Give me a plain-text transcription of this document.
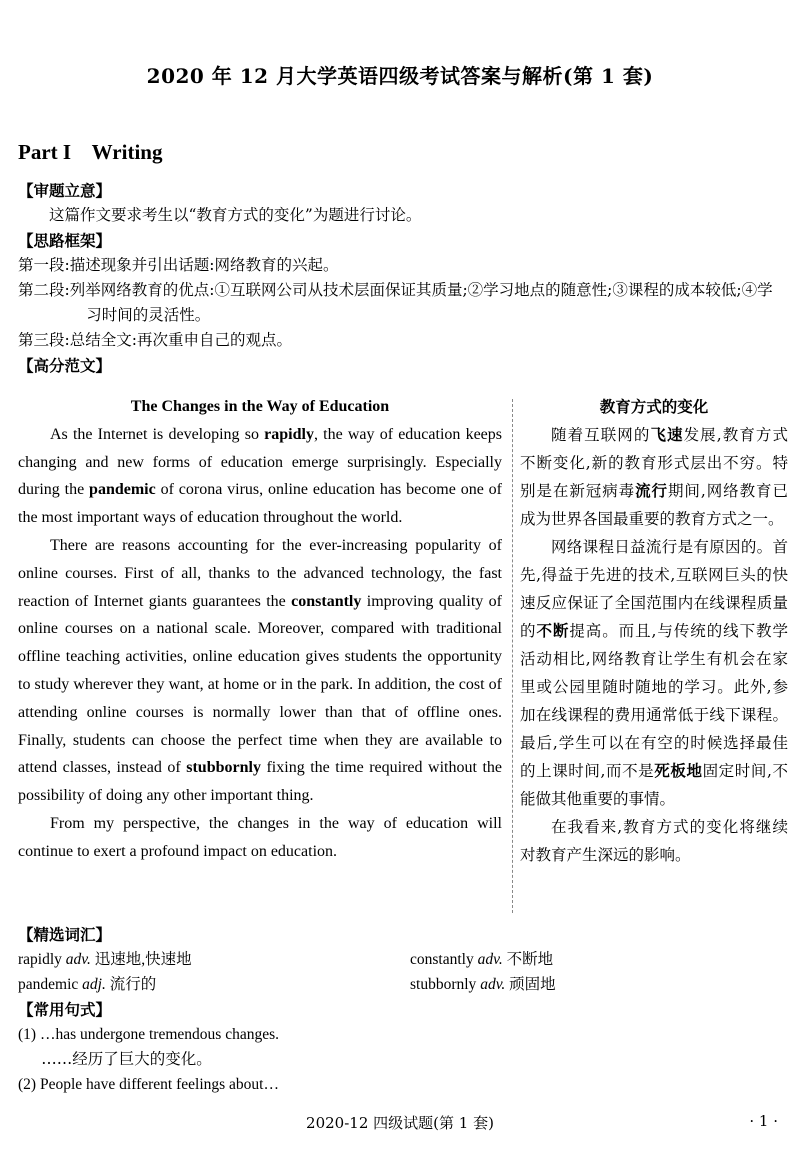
2020 年 12 月大学英语四级考试答案与解析(第 1 套)
Part I    Writing
【审题立意】
这篇作文要求考生以“教育方式的变化”为题进行讨论。
【思路框架】
第一段:描述现象并引出话题:网络教育的兴起。
第二段:列举网络教育的优点:①互联网公司从技术层面保证其质量;②学习地点的随意性;③课程的成本较低;④学习时间的灵活性。
第三段:总结全文:再次重申自己的观点。
【高分范文】
The Changes in the Way of Education

As the Internet is developing so rapidly, the way of education keeps changing and new forms of education emerge surprisingly. Especially during the pandemic of corona virus, online education has become one of the most important ways of education throughout the world.

There are reasons accounting for the ever-increasing popularity of online courses. First of all, thanks to the advanced technology, the fast reaction of Internet giants guarantees the constantly improving quality of online courses on a national scale. Moreover, compared with traditional offline teaching activities, online education gives students the opportunity to study wherever they want, at home or in the park. In addition, the cost of attending online courses is normally lower than that of offline ones. Finally, students can choose the perfect time when they are available to attend classes, instead of stubbornly fixing the time required without the possibility of doing any other important thing.

From my perspective, the changes in the way of education will continue to exert a profound impact on education.

教育方式的变化

随着互联网的飞速发展,教育方式不断变化,新的教育形式层出不穷。特别是在新冠病毒流行期间,网络教育已成为世界各国最重要的教育方式之一。

网络课程日益流行是有原因的。首先,得益于先进的技术,互联网巨头的快速反应保证了全国范围内在线课程质量的不断提高。而且,与传统的线下教学活动相比,网络教育让学生有机会在家里或公园里随时随地的学习。此外,参加在线课程的费用通常低于线下课程。最后,学生可以在有空的时候选择最佳的上课时间,而不是死板地固定时间,不能做其他重要的事情。

在我看来,教育方式的变化将继续对教育产生深远的影响。

【精选词汇】
rapidly adv. 迅速地,快速地	constantly adv. 不断地
pandemic adj. 流行的	stubbornly adv. 顽固地
【常用句式】
(1) …has undergone tremendous changes.
……经历了巨大的变化。
(2) People have different feelings about…
2020-12 四级试题(第 1 套)	· 1 ·
